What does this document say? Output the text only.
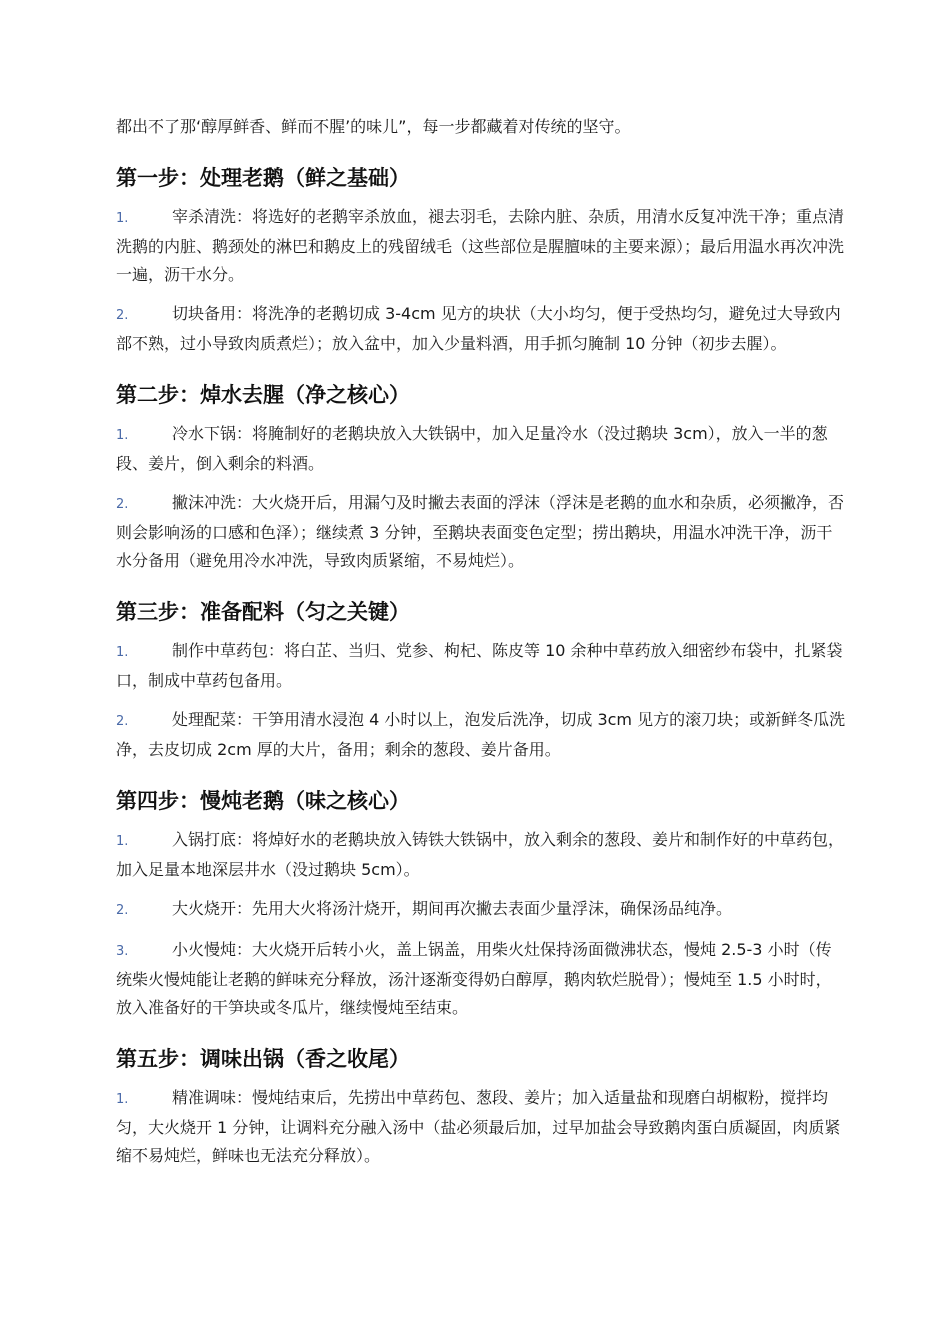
都出不了那‘醇厚鲜香、鲜而不腥’的味儿”，每一步都藏着对传统的坚守。

第一步：处理老鹅（鲜之基础）

1.	宰杀清洗：将选好的老鹅宰杀放血，褪去羽毛，去除内脏、杂质，用清水反复冲洗干净；重点清洗鹅的内脏、鹅颈处的淋巴和鹅皮上的残留绒毛（这些部位是腥膻味的主要来源）；最后用温水再次冲洗一遍，沥干水分。

2.	切块备用：将洗净的老鹅切成 3-4cm 见方的块状（大小均匀，便于受热均匀，避免过大导致内部不熟，过小导致肉质煮烂）；放入盆中，加入少量料酒，用手抓匀腌制 10 分钟（初步去腥）。

第二步：焯水去腥（净之核心）

1.	冷水下锅：将腌制好的老鹅块放入大铁锅中，加入足量冷水（没过鹅块 3cm），放入一半的葱段、姜片，倒入剩余的料酒。

2.	撇沫冲洗：大火烧开后，用漏勺及时撇去表面的浮沫（浮沫是老鹅的血水和杂质，必须撇净，否则会影响汤的口感和色泽）；继续煮 3 分钟，至鹅块表面变色定型；捞出鹅块，用温水冲洗干净，沥干水分备用（避免用冷水冲洗，导致肉质紧缩，不易炖烂）。

第三步：准备配料（匀之关键）

1.	制作中草药包：将白芷、当归、党参、枸杞、陈皮等 10 余种中草药放入细密纱布袋中，扎紧袋口，制成中草药包备用。

2.	处理配菜：干笋用清水浸泡 4 小时以上，泡发后洗净，切成 3cm 见方的滚刀块；或新鲜冬瓜洗净，去皮切成 2cm 厚的大片，备用；剩余的葱段、姜片备用。

第四步：慢炖老鹅（味之核心）

1.	入锅打底：将焯好水的老鹅块放入铸铁大铁锅中，放入剩余的葱段、姜片和制作好的中草药包，加入足量本地深层井水（没过鹅块 5cm）。

2.	大火烧开：先用大火将汤汁烧开，期间再次撇去表面少量浮沫，确保汤品纯净。

3.	小火慢炖：大火烧开后转小火，盖上锅盖，用柴火灶保持汤面微沸状态，慢炖 2.5-3 小时（传统柴火慢炖能让老鹅的鲜味充分释放，汤汁逐渐变得奶白醇厚，鹅肉软烂脱骨）；慢炖至 1.5 小时时，放入准备好的干笋块或冬瓜片，继续慢炖至结束。

第五步：调味出锅（香之收尾）

1.	精准调味：慢炖结束后，先捞出中草药包、葱段、姜片；加入适量盐和现磨白胡椒粉，搅拌均匀，大火烧开 1 分钟，让调料充分融入汤中（盐必须最后加，过早加盐会导致鹅肉蛋白质凝固，肉质紧缩不易炖烂，鲜味也无法充分释放）。
